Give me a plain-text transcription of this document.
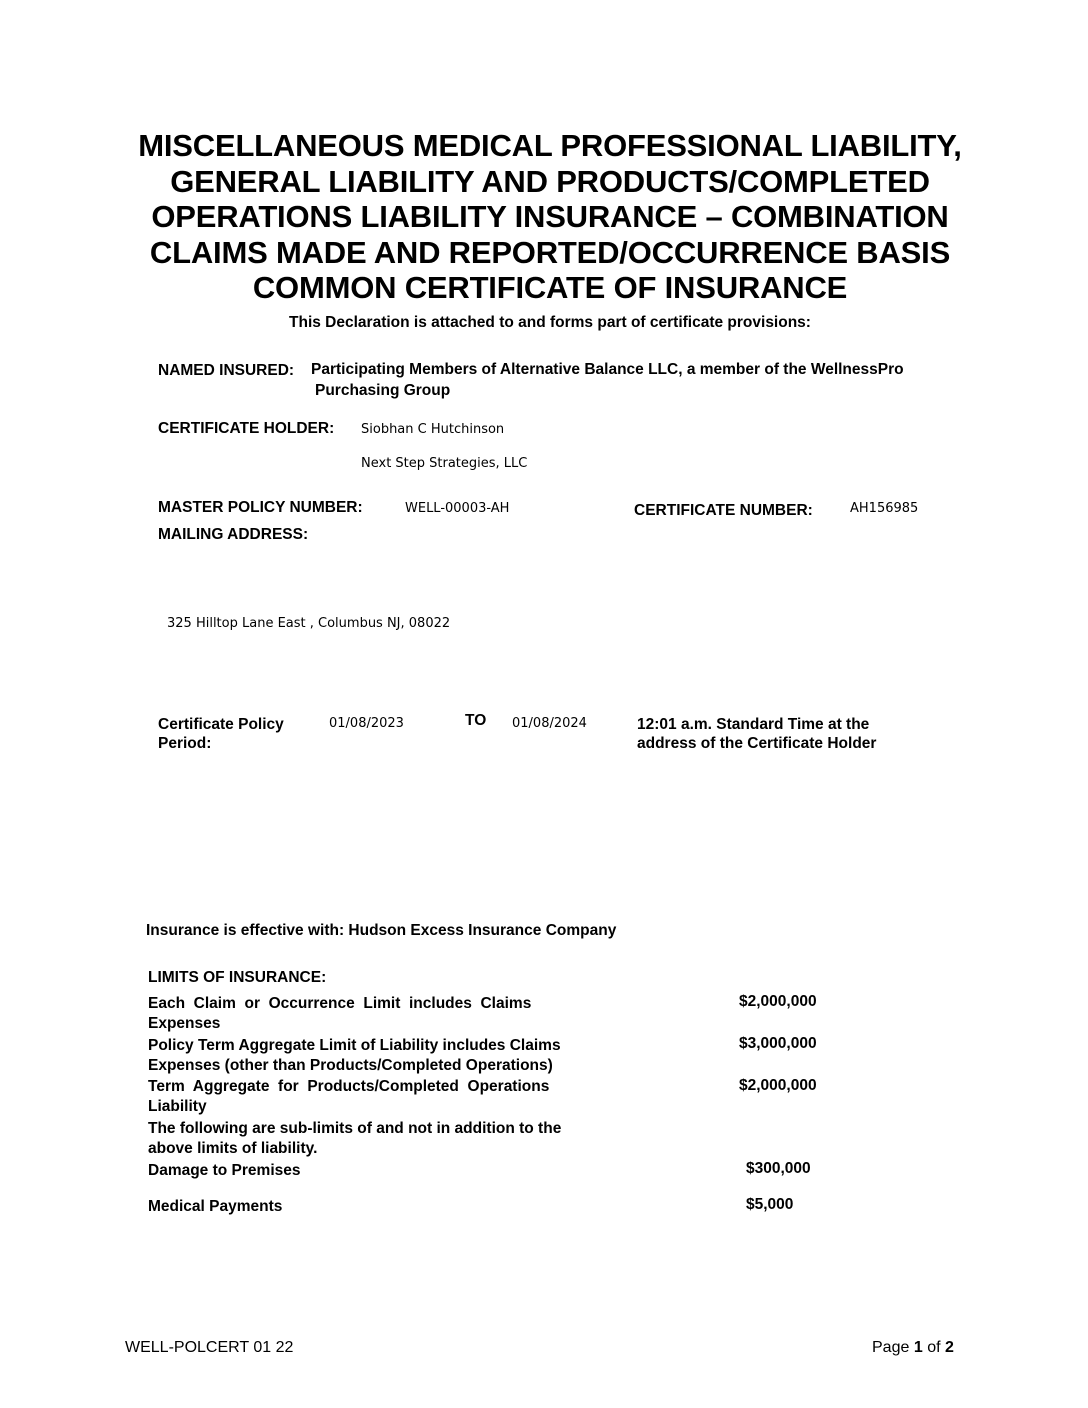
MISCELLANEOUS MEDICAL PROFESSIONAL LIABILITY,
GENERAL LIABILITY AND PRODUCTS/COMPLETED
OPERATIONS LIABILITY INSURANCE – COMBINATION
CLAIMS MADE AND REPORTED/OCCURRENCE BASIS
COMMON CERTIFICATE OF INSURANCE
This Declaration is attached to and forms part of certificate provisions:
NAMED INSURED: Participating Members of Alternative Balance LLC, a member of the WellnessPro
Purchasing Group
CERTIFICATE HOLDER: Siobhan C Hutchinson
Next Step Strategies, LLC
MASTER POLICY NUMBER:	WELL-00003-AH	CERTIFICATE NUMBER:	AH156985
MAILING ADDRESS:
325 Hilltop Lane East , Columbus NJ, 08022
Certificate Policy
Period:
01/08/2023	TO 01/08/2024	12:01 a.m. Standard Time at the
address of the Certificate Holder
Insurance is effective with: Hudson Excess Insurance Company
LIMITS OF INSURANCE:
Each  Claim  or  Occurrence  Limit  includes  Claims
Expenses
$2,000,000
Policy Term Aggregate Limit of Liability includes Claims
Expenses (other than Products/Completed Operations)
$3,000,000
Term  Aggregate  for  Products/Completed  Operations
Liability
$2,000,000
The following are sub-limits of and not in addition to the
above limits of liability.
Damage to Premises	$300,000
Medical Payments	$5,000
WELL-POLCERT 01 22	Page 1 of 2
